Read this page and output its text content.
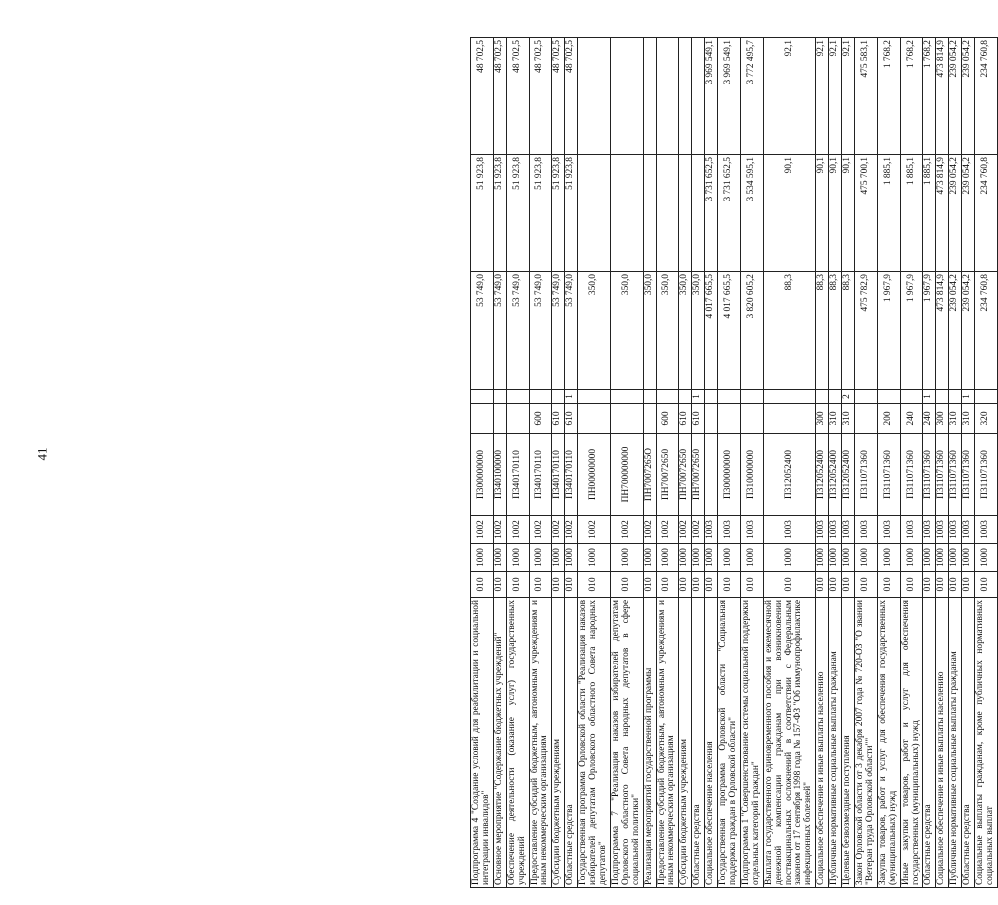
41
Подпрограмма 4 "Создание условий для реабилитации и социальной интеграции инвалидов"	010	1000	1002	П300000000			53 749,0	51 923,8	48 702,5
Основное мероприятие "Содержание бюджетных учреждений"	010	1000	1002	П340100000			53 749,0	51 923,8	48 702,5
Обеспечение деятельности (оказание услуг) государственных учреждений	010	1000	1002	П340170110			53 749,0	51 923,8	48 702,5
Предоставление субсидий бюджетным, автономным учреждениям и иным некоммерческим организациям	010	1000	1002	П340170110	600		53 749,0	51 923,8	48 702,5
Субсидии бюджетным учреждениям	010	1000	1002	П340170110	610		53 749,0	51 923,8	48 702,5
Областные средства	010	1000	1002	П340170110	610	1	53 749,0	51 923,8	48 702,5
Государственная программа Орловской области "Реализация наказов избирателей депутатам Орловского областного Совета народных депутатов"	010	1000	1002	ПН00000000			350,0		
Подпрограмма 7 "Реализация наказов избирателей депутатам Орловского областного Совета народных депутатов в сфере социальной политики"	010	1000	1002	ПН700000000			350,0		
Реализация мероприятий государственной программы	010	1000	1002	ПН7007265О			350,0		
Предоставление субсидий бюджетным, автономным учреждениям и иным некоммерческим организациям	010	1000	1002	ПН70072650	600		350,0		
Субсидии бюджетным учреждениям	010	1000	1002	ПН70072650	610		350,0		
Областные средства	010	1000	1002	ПН70072650	610	1	350,0		
Социальное обеспечение населения	010	1000	1003				4 017 665,5	3 731 652,5	3 969 549,1
Государственная программа Орловской области "Социальная поддержка граждан в Орловской области"	010	1000	1003	П300000000			4 017 665,5	3 731 652,5	3 969 549,1
Подпрограмма 1 "Совершенствование системы социальной поддержки отдельных категорий граждан"	010	1000	1003	П310000000			3 820 605,2	3 534 595,1	3 772 495,7
Выплата государственного единовременного пособия и ежемесячной денежной компенсации гражданам при возникновении поствакцинальных осложнений в соответствии с Федеральным законом от 17 сентября 1998 года № 157-ФЗ "Об иммунопрофилактике инфекционных болезней"	010	1000	1003	П312052400			88,3	90,1	92,1
Социальное обеспечение и иные выплаты населению	010	1000	1003	П312052400	300		88,3	90,1	92,1
Публичные нормативные социальные выплаты гражданам	010	1000	1003	П312052400	310		88,3	90,1	92,1
Целевые безвозмездные поступления	010	1000	1003	П312052400	310	2	88,3	90,1	92,1
Закон Орловской области от 3 декабря 2007 года № 720-ОЗ "О звании "Ветеран труда Орловской области""	010	1000	1003	П311071360			475 782,9	475 700,1	475 583,1
Закупка товаров, работ и услуг для обеспечения государственных (муниципальных) нужд	010	1000	1003	П311071360	200		1 967,9	1 885,1	1 768,2
Иные закупки товаров, работ и услуг для обеспечения государственных (муниципальных) нужд	010	1000	1003	П311071360	240		1 967,9	1 885,1	1 768,2
Областные средства	010	1000	1003	П311071360	240	1	1 967,9	1 885,1	1 768,2
Социальное обеспечение и иные выплаты населению	010	1000	1003	П311071360	300		473 814,9	473 814,9	473 814,9
Публичные нормативные социальные выплаты гражданам	010	1000	1003	П311071360	310		239 054,2	239 054,2	239 054,2
Областные средства	010	1000	1003	П311071360	310	1	239 054,2	239 054,2	239 054,2
Социальные выплаты гражданам, кроме публичных нормативных социальных выплат	010	1000	1003	П311071360	320		234 760,8	234 760,8	234 760,8
